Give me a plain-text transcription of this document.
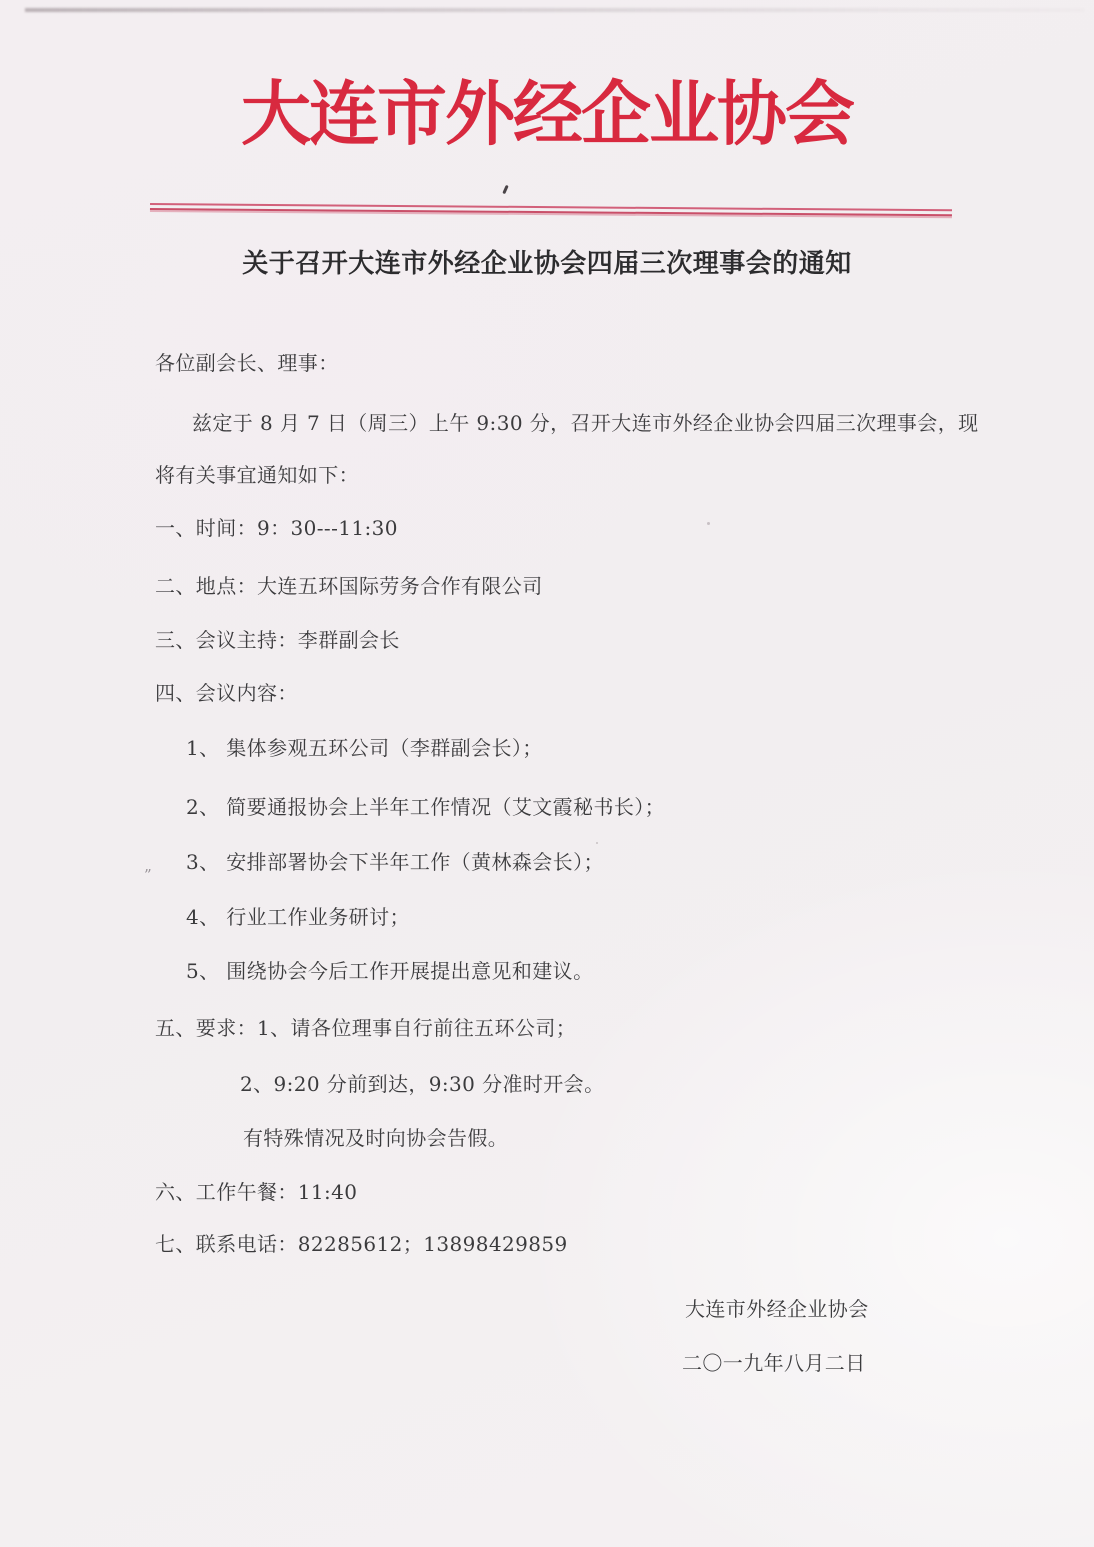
大连市外经企业协会
”
关于召开大连市外经企业协会四届三次理事会的通知

各位副会长、理事：

兹定于 8 月 7 日（周三）上午 9:30 分，召开大连市外经企业协会四届三次理事会，现

将有关事宜通知如下：

一、时间：9：30---11:30

二、地点：大连五环国际劳务合作有限公司

三、会议主持：李群副会长

四、会议内容：

1、 集体参观五环公司（李群副会长）；

2、 简要通报协会上半年工作情况（艾文霞秘书长）；

3、 安排部署协会下半年工作（黄林森会长）；

4、 行业工作业务研讨；

5、 围绕协会今后工作开展提出意见和建议。

五、要求：1、请各位理事自行前往五环公司；

2、9:20 分前到达，9:30 分准时开会。

有特殊情况及时向协会告假。

六、工作午餐：11:40

七、联系电话：82285612；13898429859

大连市外经企业协会

二〇一九年八月二日
